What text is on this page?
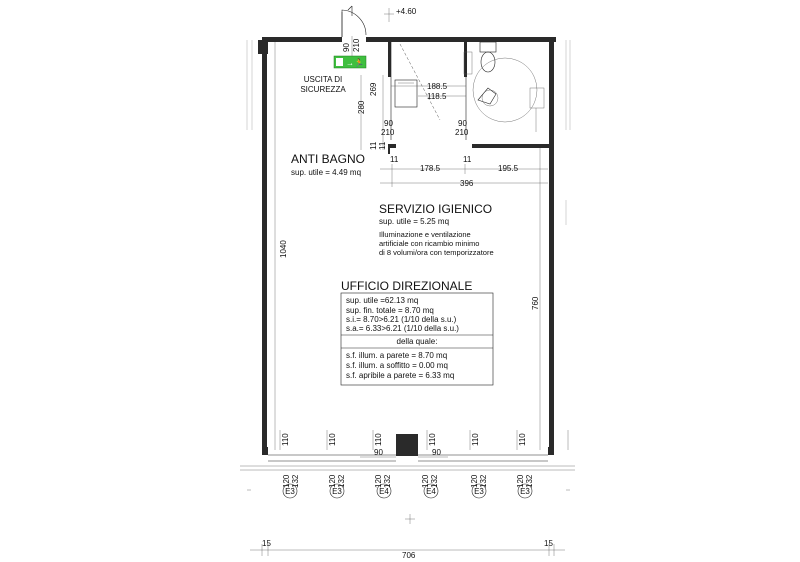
→🏃
USCITA DI
SICUREZZA
+4.60
90 210
280
269	188.5
118.5
90
210
90
210
11
11
11
11
ANTI BAGNO
sup. utile = 4.49 mq	178.5	195.5
396
SERVIZIO IGIENICO
sup. utile = 5.25 mq
Illuminazione e ventilazione
artificiale con ricambio minimo
di 8 volumi/ora con temporizzatore
1040
760
UFFICIO DIREZIONALE
sup. utile =62.13 mq
sup. fin. totale = 8.70 mq
s.i.= 8.70>6.21 (1/10 della s.u.)
s.a.= 6.33>6.21 (1/10 della s.u.)
della quale:
s.f. illum. a parete = 8.70 mq
s.f. illum. a soffitto = 0.00 mq
s.f. apribile a parete = 6.33 mq
110	110	110	110	110	110
90	90
120 132	120 132	120 132	120 132	120 132	120 132
E3	E3	E4	E4	E3	E3
15
706
15
